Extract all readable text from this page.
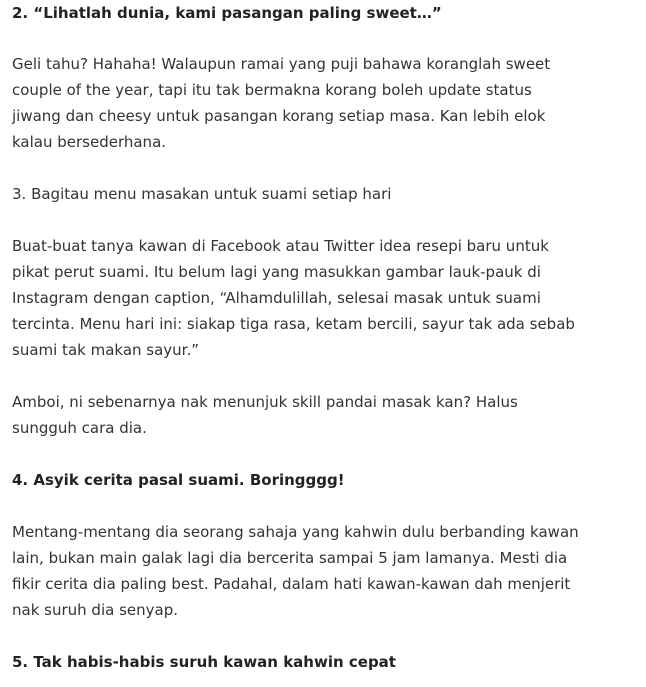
2. “Lihatlah dunia, kami pasangan paling sweet…”

Geli tahu? Hahaha! Walaupun ramai yang puji bahawa koranglah sweet
couple of the year, tapi itu tak bermakna korang boleh update status
jiwang dan cheesy untuk pasangan korang setiap masa. Kan lebih elok
kalau bersederhana.

3. Bagitau menu masakan untuk suami setiap hari

Buat-buat tanya kawan di Facebook atau Twitter idea resepi baru untuk
pikat perut suami. Itu belum lagi yang masukkan gambar lauk-pauk di
Instagram dengan caption, “Alhamdulillah, selesai masak untuk suami
tercinta. Menu hari ini: siakap tiga rasa, ketam bercili, sayur tak ada sebab
suami tak makan sayur.”

Amboi, ni sebenarnya nak menunjuk skill pandai masak kan? Halus
sungguh cara dia.

4. Asyik cerita pasal suami. Boringggg!

Mentang-mentang dia seorang sahaja yang kahwin dulu berbanding kawan
lain, bukan main galak lagi dia bercerita sampai 5 jam lamanya. Mesti dia
fikir cerita dia paling best. Padahal, dalam hati kawan-kawan dah menjerit
nak suruh dia senyap.

5. Tak habis-habis suruh kawan kahwin cepat
